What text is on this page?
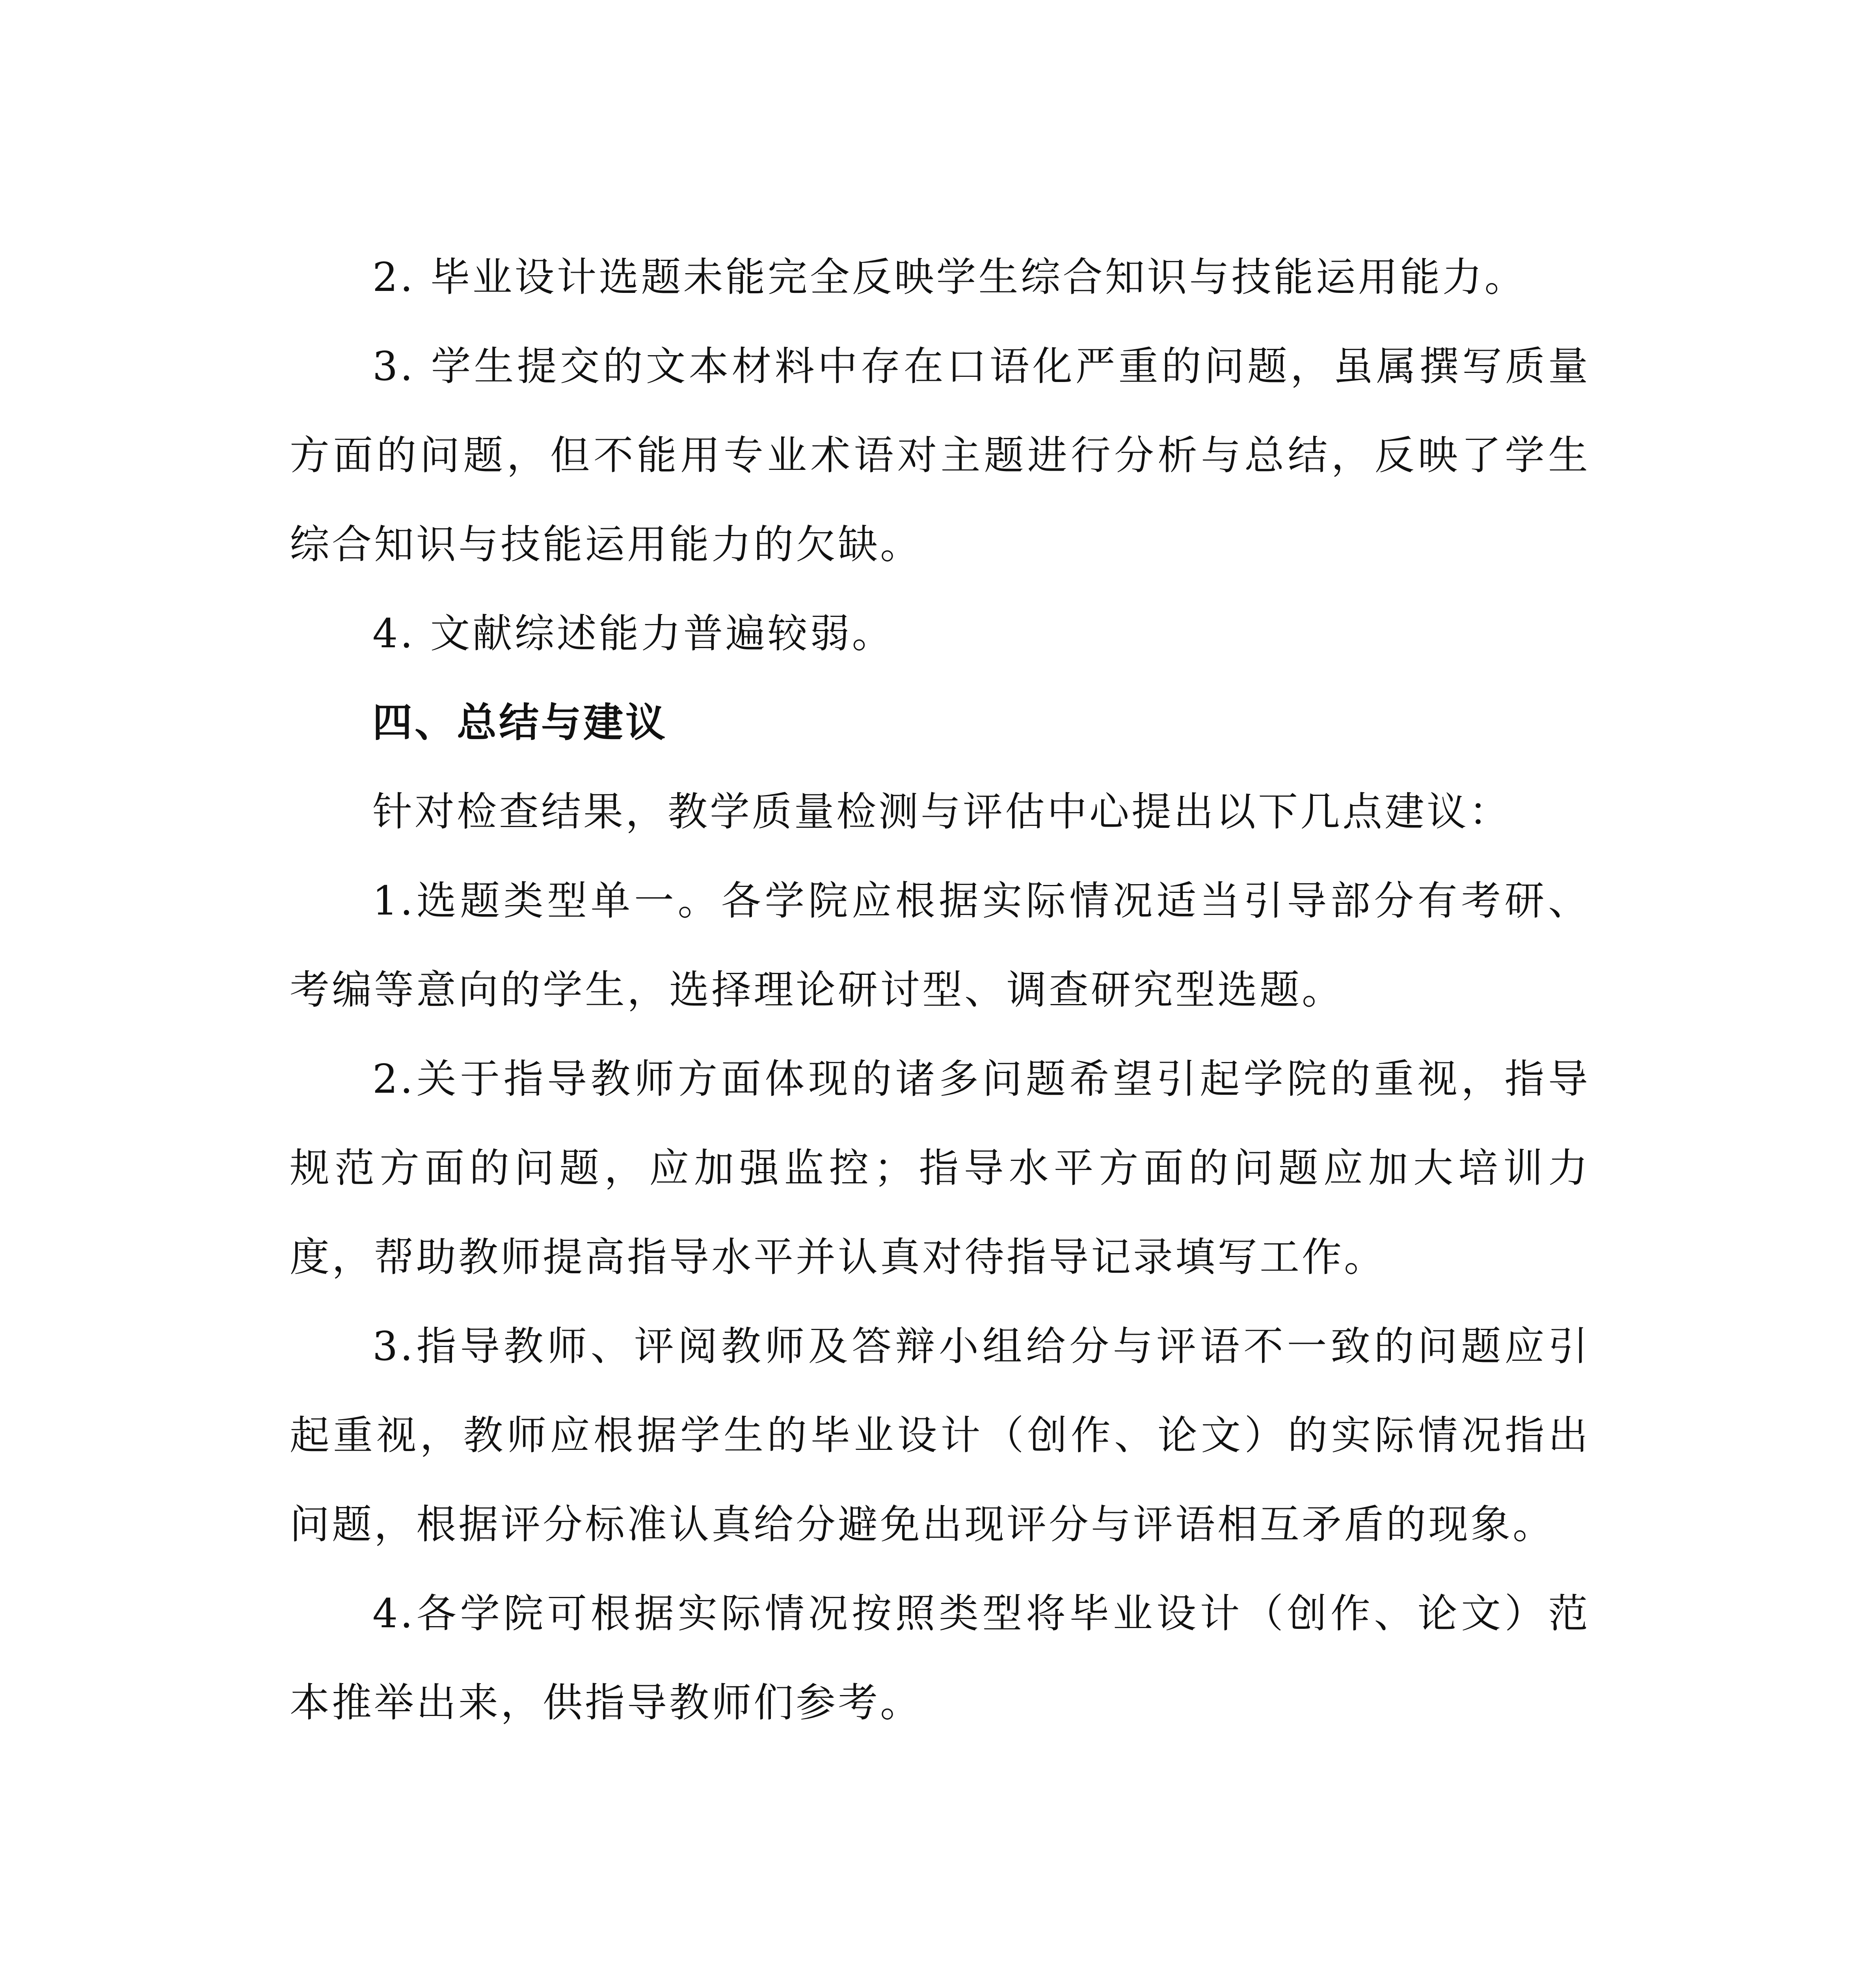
2. 毕业设计选题未能完全反映学生综合知识与技能运用能力。

3. 学生提交的文本材料中存在口语化严重的问题，虽属撰写质量方面的问题，但不能用专业术语对主题进行分析与总结，反映了学生综合知识与技能运用能力的欠缺。

4. 文献综述能力普遍较弱。

四、总结与建议

针对检查结果，教学质量检测与评估中心提出以下几点建议：

1.选题类型单一。各学院应根据实际情况适当引导部分有考研、考编等意向的学生，选择理论研讨型、调查研究型选题。

2.关于指导教师方面体现的诸多问题希望引起学院的重视，指导规范方面的问题，应加强监控；指导水平方面的问题应加大培训力度，帮助教师提高指导水平并认真对待指导记录填写工作。

3.指导教师、评阅教师及答辩小组给分与评语不一致的问题应引起重视，教师应根据学生的毕业设计（创作、论文）的实际情况指出问题，根据评分标准认真给分避免出现评分与评语相互矛盾的现象。

4.各学院可根据实际情况按照类型将毕业设计（创作、论文）范本推举出来，供指导教师们参考。
